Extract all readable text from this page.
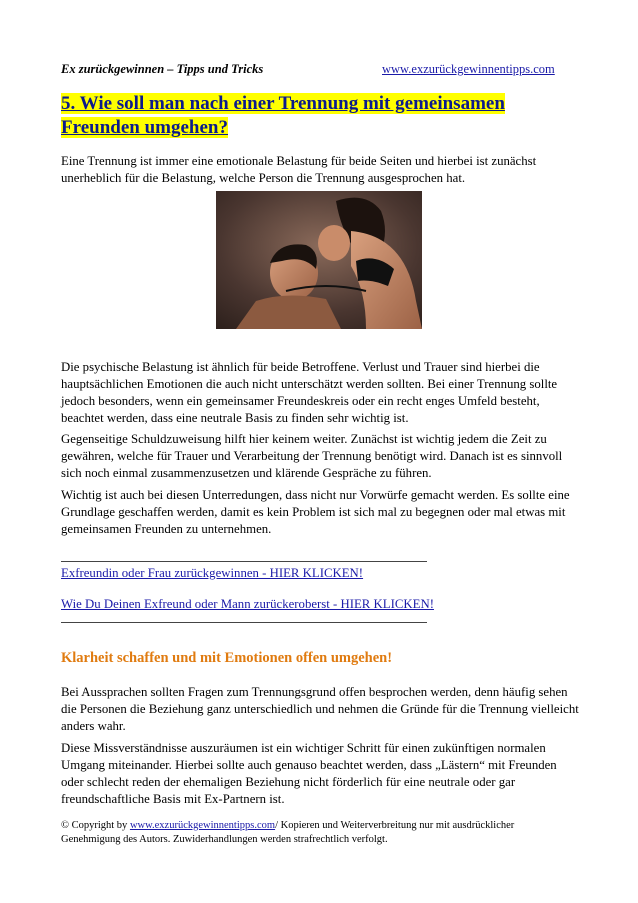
Ex zurückgewinnen – Tipps und Tricks	www.exzurückgewinnentipps.com
5. Wie soll man nach einer Trennung mit gemeinsamen
Freunden umgehen?

Eine Trennung ist immer eine emotionale Belastung für beide Seiten und hierbei ist zunächst unerheblich für die Belastung, welche Person die Trennung ausgesprochen hat.

Die psychische Belastung ist ähnlich für beide Betroffene. Verlust und Trauer sind hierbei die hauptsächlichen Emotionen die auch nicht unterschätzt werden sollten. Bei einer Trennung sollte jedoch besonders, wenn ein gemeinsamer Freundeskreis oder ein recht enges Umfeld besteht, beachtet werden, dass eine neutrale Basis zu finden sehr wichtig ist.

Gegenseitige Schuldzuweisung hilft hier keinem weiter. Zunächst ist wichtig jedem die Zeit zu gewähren, welche für Trauer und Verarbeitung der Trennung benötigt wird. Danach ist es sinnvoll sich noch einmal zusammenzusetzen und klärende Gespräche zu führen.

Wichtig ist auch bei diesen Unterredungen, dass nicht nur Vorwürfe gemacht werden. Es sollte eine Grundlage geschaffen werden, damit es kein Problem ist sich mal zu begegnen oder mal etwas mit gemeinsamen Freunden zu unternehmen.

Exfreundin oder Frau zurückgewinnen - HIER KLICKEN!
Wie Du Deinen Exfreund oder Mann zurückeroberst - HIER KLICKEN!
Klarheit schaffen und mit Emotionen offen umgehen!

Bei Aussprachen sollten Fragen zum Trennungsgrund offen besprochen werden, denn häufig sehen die Personen die Beziehung ganz unterschiedlich und nehmen die Gründe für die Trennung vielleicht anders wahr.

Diese Missverständnisse auszuräumen ist ein wichtiger Schritt für einen zukünftigen normalen Umgang miteinander. Hierbei sollte auch genauso beachtet werden, dass „Lästern“ mit Freunden oder schlecht reden der ehemaligen Beziehung nicht förderlich für eine neutrale oder gar freundschaftliche Basis mit Ex-Partnern ist.

© Copyright by www.exzurückgewinnentipps.com/ Kopieren und Weiterverbreitung nur mit ausdrücklicher Genehmigung des Autors. Zuwiderhandlungen werden strafrechtlich verfolgt.
